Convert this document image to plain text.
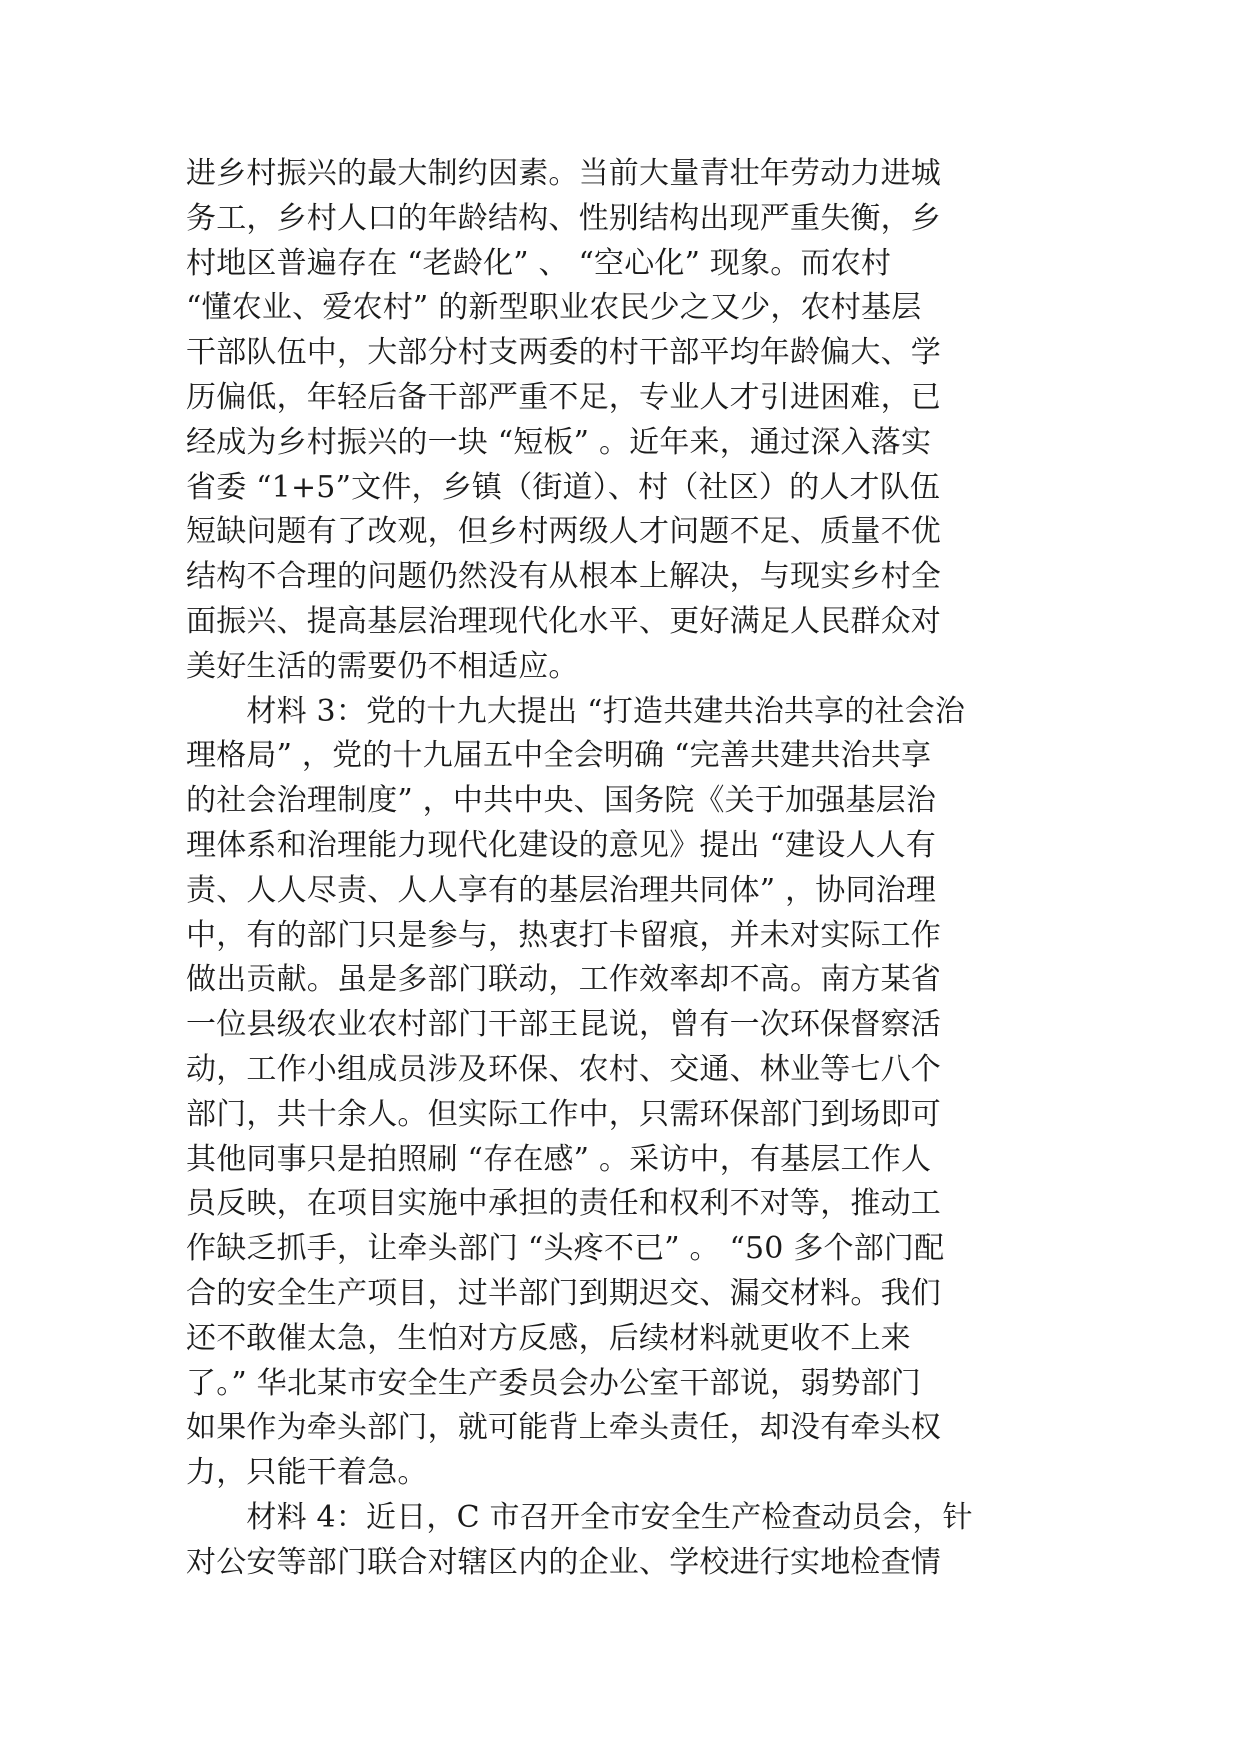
进乡村振兴的最大制约因素。当前大量青壮年劳动力进城
务工，乡村人口的年龄结构、性别结构出现严重失衡，乡
村地区普遍存在 “老龄化” 、 “空心化” 现象。而农村
“懂农业、爱农村” 的新型职业农民少之又少，农村基层
干部队伍中，大部分村支两委的村干部平均年龄偏大、学
历偏低，年轻后备干部严重不足，专业人才引进困难，已
经成为乡村振兴的一块 “短板” 。近年来，通过深入落实
省委 “1+5”文件，乡镇（街道）、村（社区）的人才队伍
短缺问题有了改观，但乡村两级人才问题不足、质量不优
结构不合理的问题仍然没有从根本上解决，与现实乡村全
面振兴、提高基层治理现代化水平、更好满足人民群众对
美好生活的需要仍不相适应。
　　材料 3：党的十九大提出 “打造共建共治共享的社会治
理格局” ，党的十九届五中全会明确 “完善共建共治共享
的社会治理制度” ，中共中央、国务院《关于加强基层治
理体系和治理能力现代化建设的意见》提出 “建设人人有
责、人人尽责、人人享有的基层治理共同体” ，协同治理
中，有的部门只是参与，热衷打卡留痕，并未对实际工作
做出贡献。虽是多部门联动，工作效率却不高。南方某省
一位县级农业农村部门干部王昆说，曾有一次环保督察活
动，工作小组成员涉及环保、农村、交通、林业等七八个
部门，共十余人。但实际工作中，只需环保部门到场即可
其他同事只是拍照刷 “存在感” 。采访中，有基层工作人
员反映，在项目实施中承担的责任和权利不对等，推动工
作缺乏抓手，让牵头部门 “头疼不已” 。 “50 多个部门配
合的安全生产项目，过半部门到期迟交、漏交材料。我们
还不敢催太急，生怕对方反感，后续材料就更收不上来
了。” 华北某市安全生产委员会办公室干部说，弱势部门
如果作为牵头部门，就可能背上牵头责任，却没有牵头权
力，只能干着急。
　　材料 4：近日，C 市召开全市安全生产检查动员会，针
对公安等部门联合对辖区内的企业、学校进行实地检查情
